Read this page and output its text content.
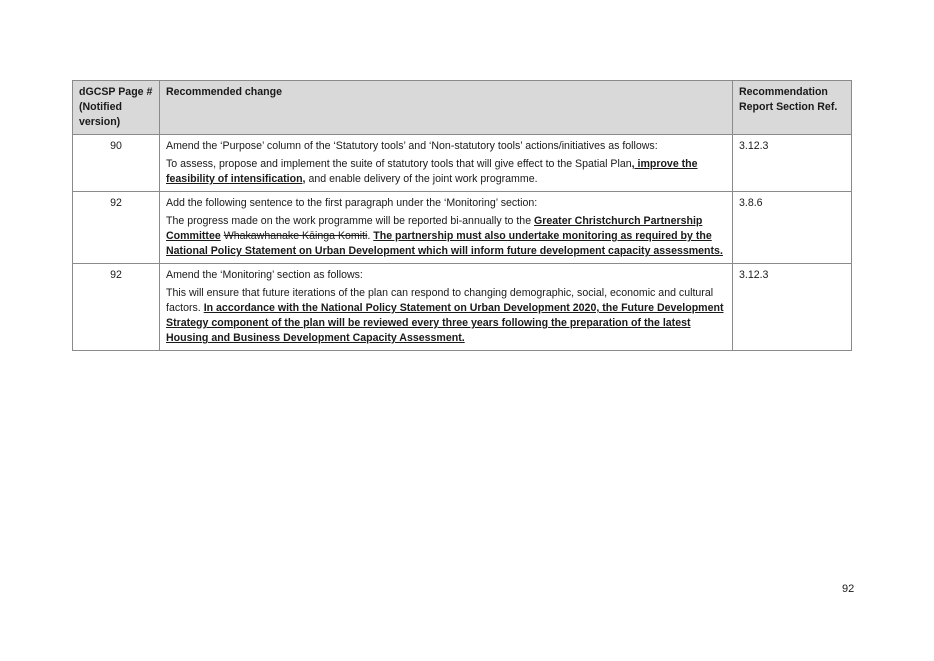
dGCSP Page # (Notified version)	Recommended change	Recommendation Report Section Ref.
90	Amend the ‘Purpose’ column of the ‘Statutory tools’ and ‘Non-statutory tools’ actions/initiatives as follows:

To assess, propose and implement the suite of statutory tools that will give effect to the Spatial Plan, improve the feasibility of intensification, and enable delivery of the joint work programme.	3.12.3
92	Add the following sentence to the first paragraph under the ‘Monitoring’ section:

The progress made on the work programme will be reported bi-annually to the Greater Christchurch Partnership Committee Whakawhanake Kāinga Komiti. The partnership must also undertake monitoring as required by the National Policy Statement on Urban Development which will inform future development capacity assessments.	3.8.6
92	Amend the ‘Monitoring’ section as follows:

This will ensure that future iterations of the plan can respond to changing demographic, social, economic and cultural factors. In accordance with the National Policy Statement on Urban Development 2020, the Future Development Strategy component of the plan will be reviewed every three years following the preparation of the latest Housing and Business Development Capacity Assessment.	3.12.3
92
